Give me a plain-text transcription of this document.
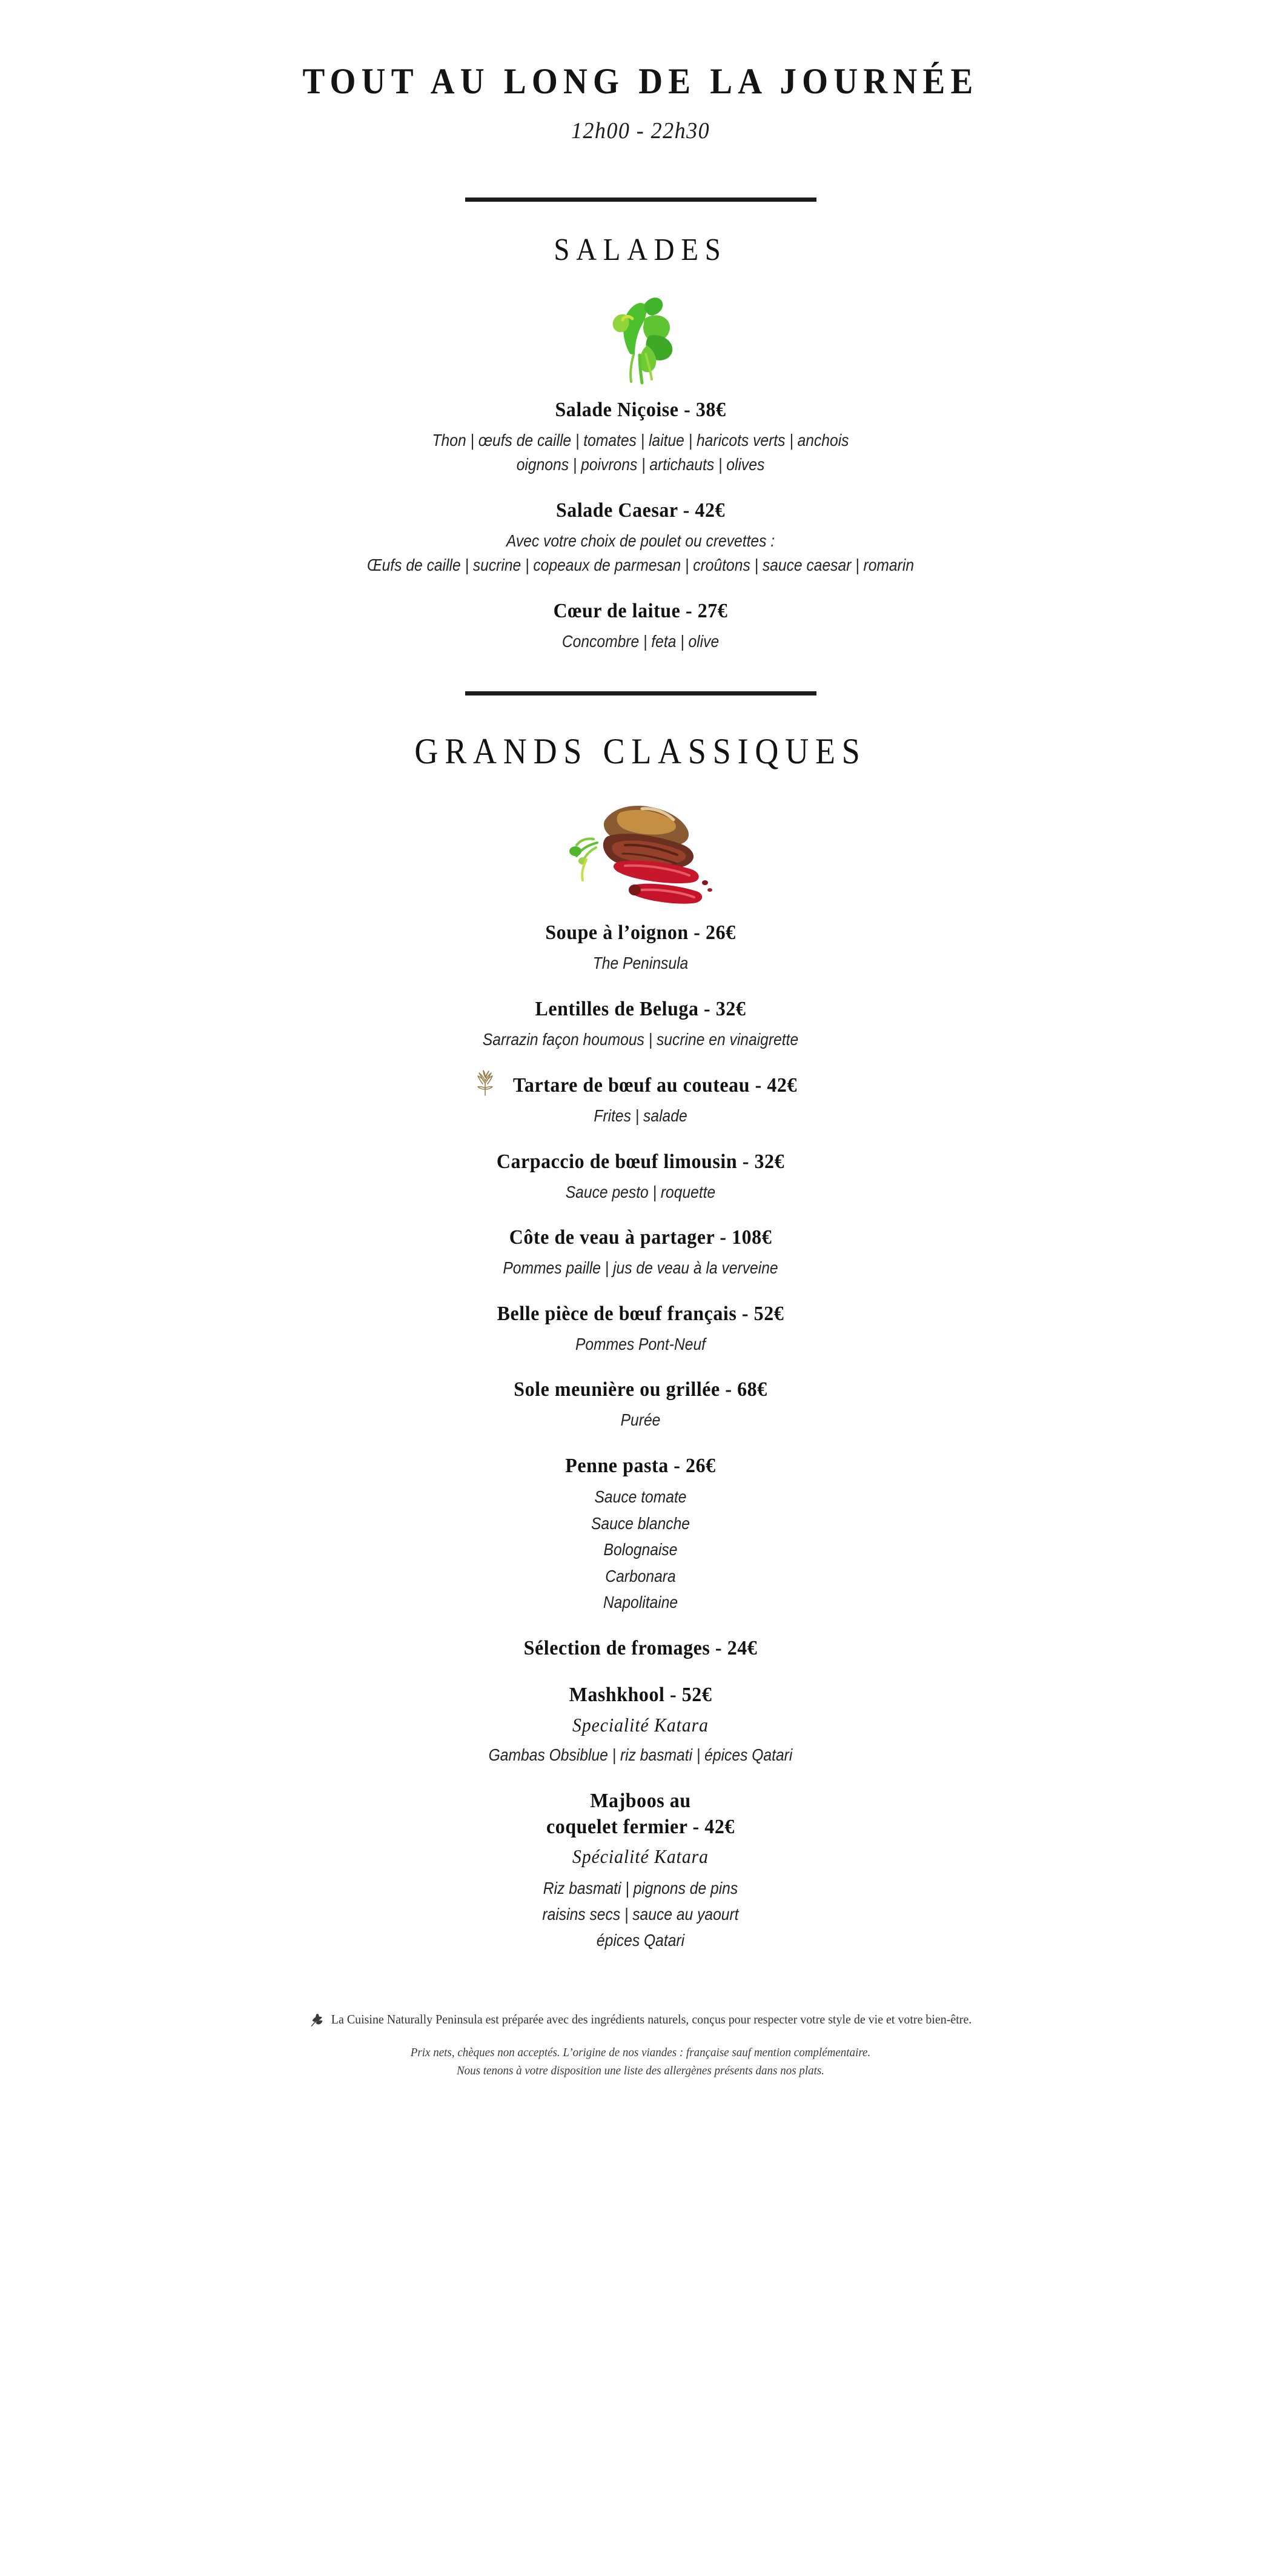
TOUT AU LONG DE LA JOURNÉE
12h00 - 22h30
SALADES
Salade Niçoise - 38€
Thon | œufs de caille | tomates | laitue | haricots verts | anchois
oignons | poivrons | artichauts | olives
Salade Caesar - 42€
Avec votre choix de poulet ou crevettes :
Œufs de caille | sucrine | copeaux de parmesan | croûtons | sauce caesar | romarin
Cœur de laitue - 27€
Concombre | feta | olive
GRANDS CLASSIQUES
Soupe à l’oignon - 26€
The Peninsula
Lentilles de Beluga - 32€
Sarrazin façon houmous | sucrine en vinaigrette
Tartare de bœuf au couteau - 42€
Frites | salade
Carpaccio de bœuf limousin - 32€
Sauce pesto | roquette
Côte de veau à partager - 108€
Pommes paille | jus de veau à la verveine
Belle pièce de bœuf français - 52€
Pommes Pont-Neuf
Sole meunière ou grillée - 68€
Purée
Penne pasta - 26€
Sauce tomate
Sauce blanche
Bolognaise
Carbonara
Napolitaine
Sélection de fromages - 24€
Mashkhool - 52€
Specialité Katara
Gambas Obsiblue | riz basmati | épices Qatari
Majboos au
coquelet fermier - 42€
Spécialité Katara
Riz basmati | pignons de pins
raisins secs | sauce au yaourt
épices Qatari
La Cuisine Naturally Peninsula est préparée avec des ingrédients naturels, conçus pour respecter votre style de vie et votre bien-être.
Prix nets, chèques non acceptés. L’origine de nos viandes : française sauf mention complémentaire.
Nous tenons à votre disposition une liste des allergènes présents dans nos plats.
